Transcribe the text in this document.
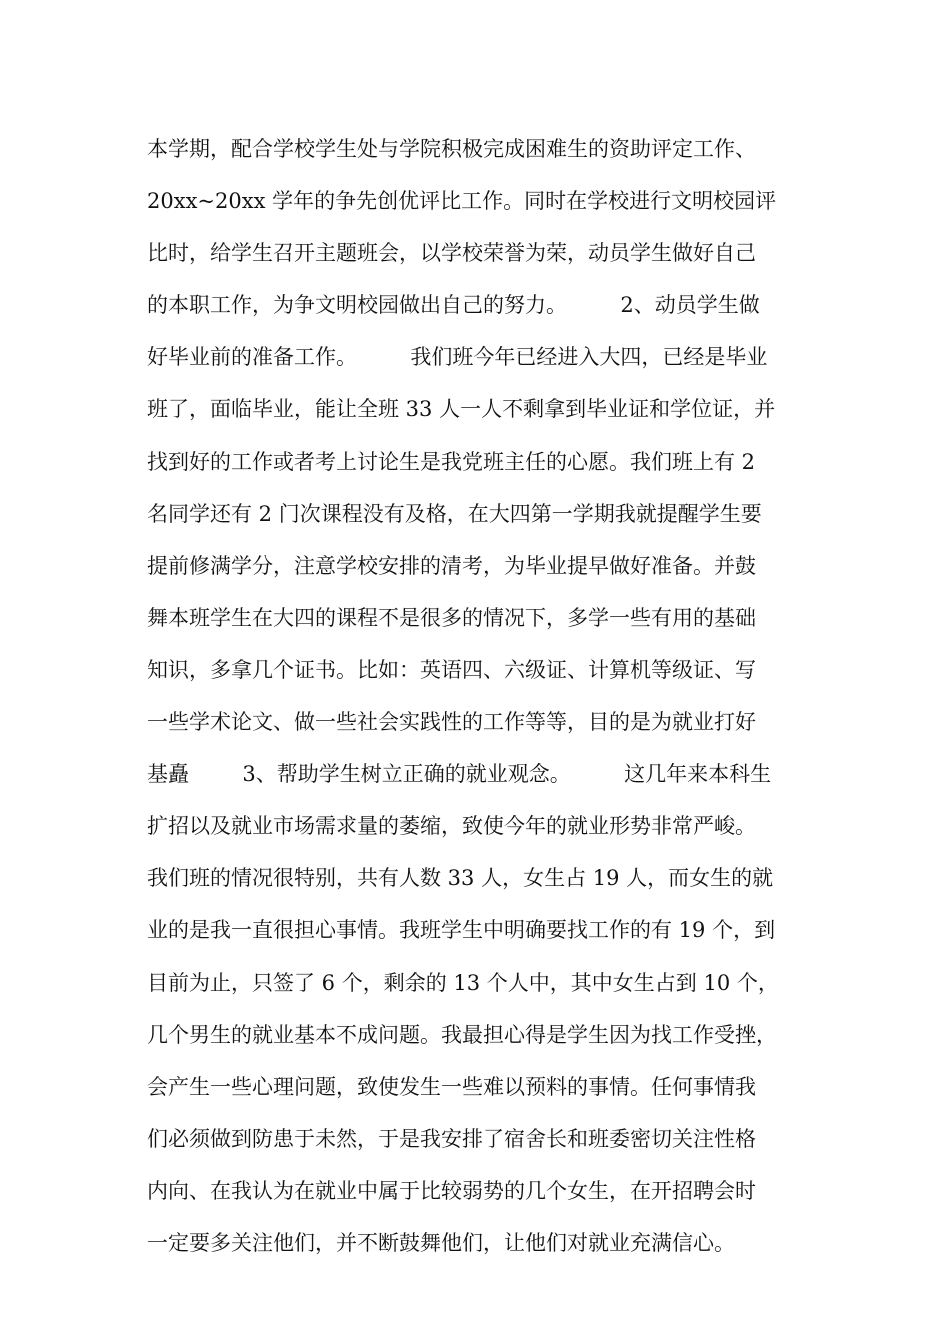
本学期，配合学校学生处与学院积极完成困难生的资助评定工作、
20xx~20xx 学年的争先创优评比工作。同时在学校进行文明校园评
比时，给学生召开主题班会，以学校荣誉为荣，动员学生做好自己
的本职工作，为争文明校园做出自己的努力。        2、动员学生做
好毕业前的准备工作。        我们班今年已经进入大四，已经是毕业
班了，面临毕业，能让全班 33 人一人不剩拿到毕业证和学位证，并
找到好的工作或者考上讨论生是我党班主任的心愿。我们班上有 2
名同学还有 2 门次课程没有及格，在大四第一学期我就提醒学生要
提前修满学分，注意学校安排的清考，为毕业提早做好准备。并鼓
舞本班学生在大四的课程不是很多的情况下，多学一些有用的基础
知识，多拿几个证书。比如：英语四、六级证、计算机等级证、写
一些学术论文、做一些社会实践性的工作等等，目的是为就业打好
基矗        3、帮助学生树立正确的就业观念。        这几年来本科生
扩招以及就业市场需求量的萎缩，致使今年的就业形势非常严峻。
我们班的情况很特别，共有人数 33 人，女生占 19 人，而女生的就
业的是我一直很担心事情。我班学生中明确要找工作的有 19 个，到
目前为止，只签了 6 个，剩余的 13 个人中，其中女生占到 10 个，
几个男生的就业基本不成问题。我最担心得是学生因为找工作受挫，
会产生一些心理问题，致使发生一些难以预料的事情。任何事情我
们必须做到防患于未然，于是我安排了宿舍长和班委密切关注性格
内向、在我认为在就业中属于比较弱势的几个女生，在开招聘会时
一定要多关注他们，并不断鼓舞他们，让他们对就业充满信心。
